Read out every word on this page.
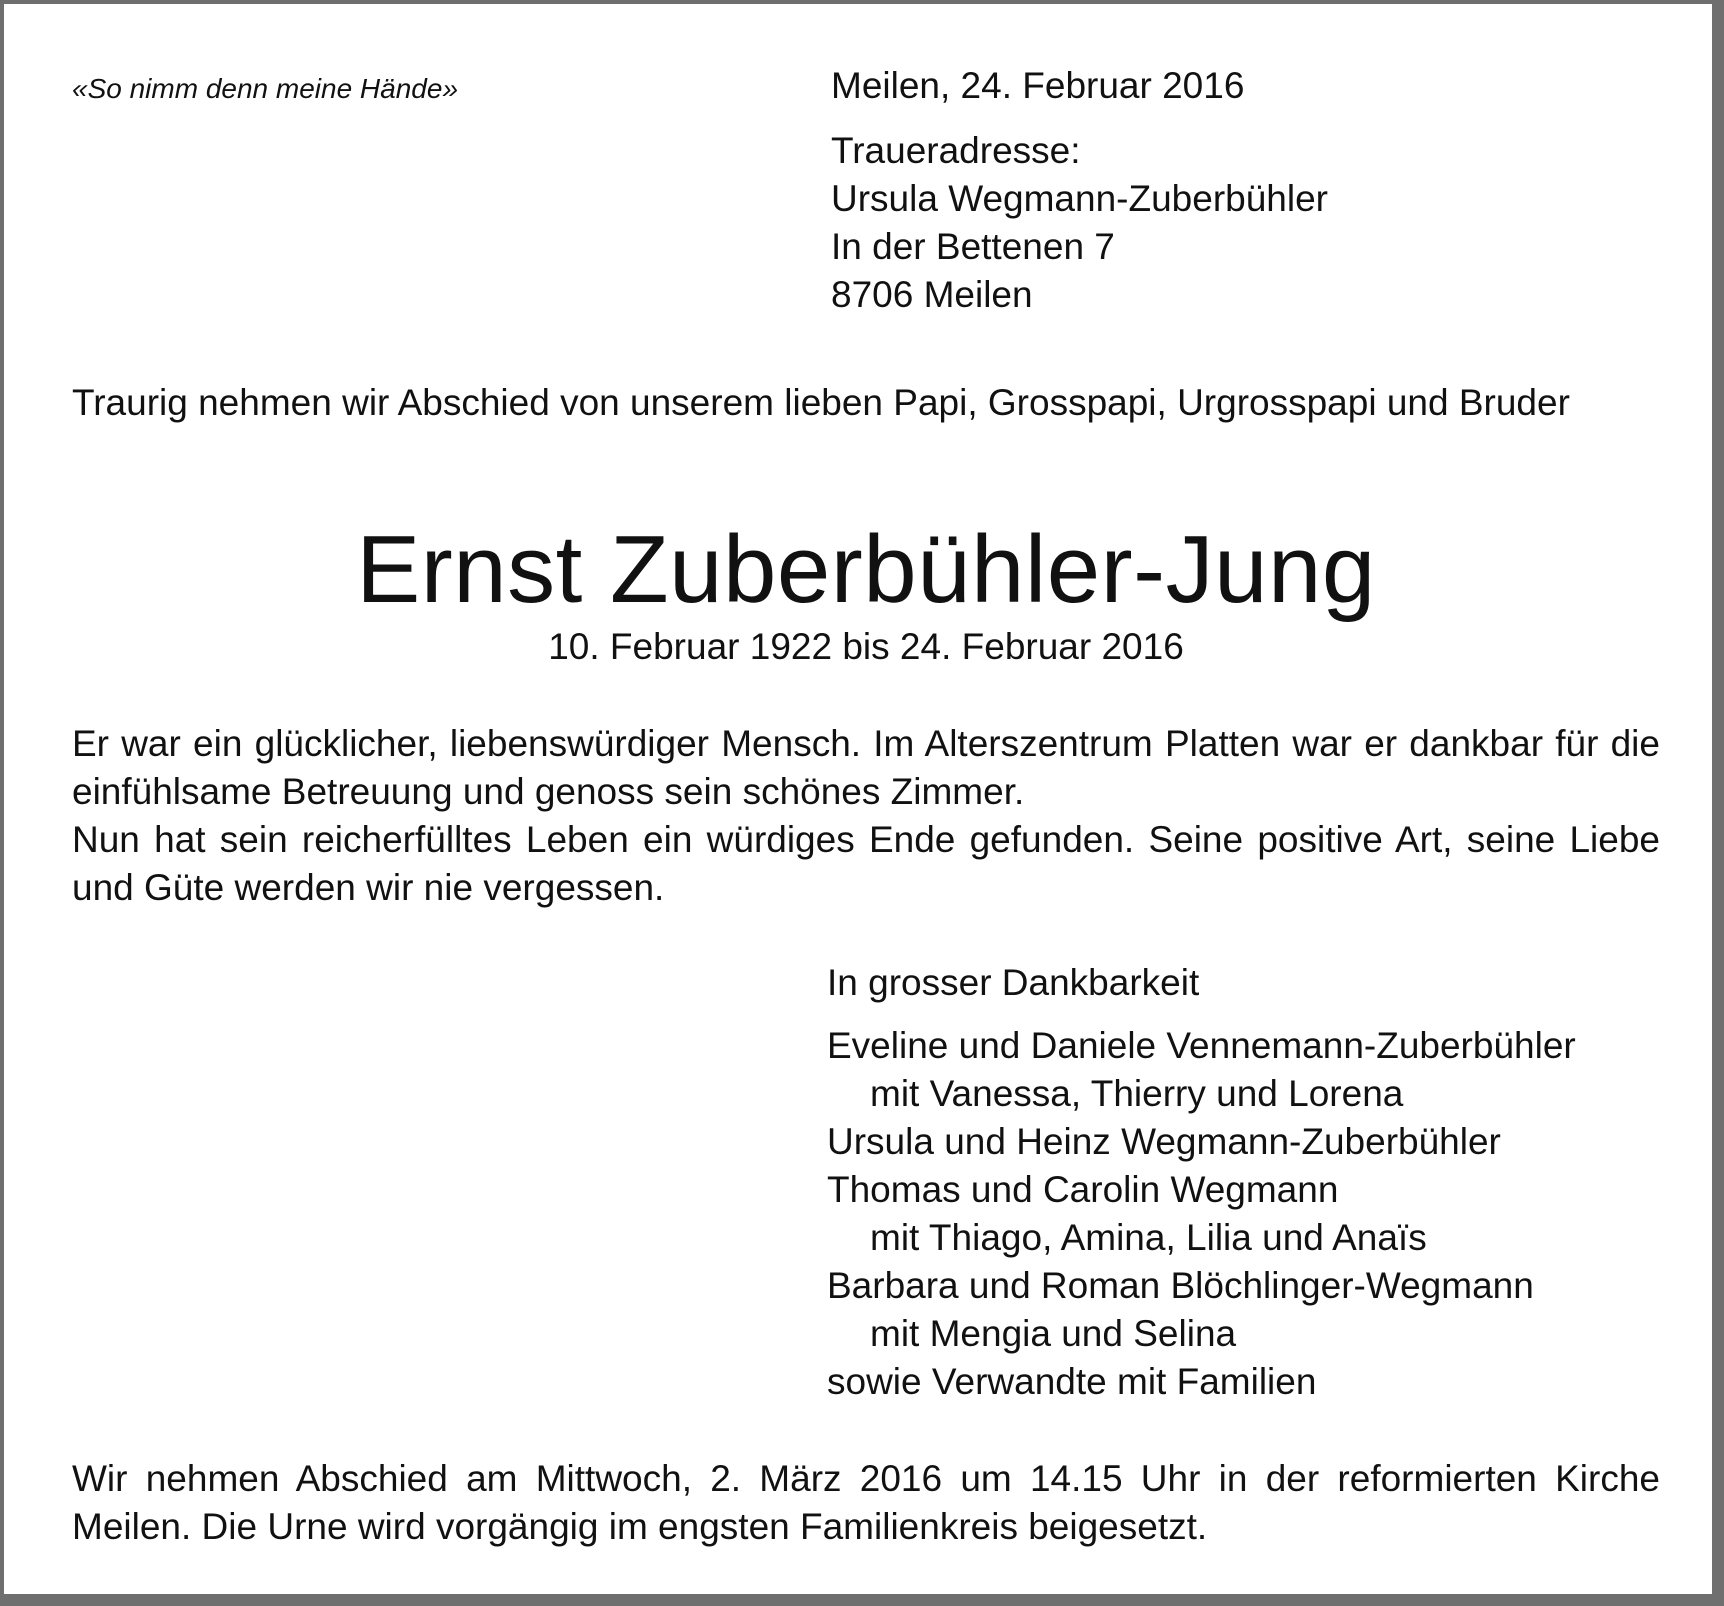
«So nimm denn meine Hände»	Meilen, 24. Februar 2016
Traueradresse:
Ursula Wegmann-Zuberbühler
In der Bettenen 7
8706 Meilen
Traurig nehmen wir Abschied von unserem lieben Papi, Grosspapi, Urgrosspapi und Bruder
Ernst Zuberbühler-Jung
10. Februar 1922 bis 24. Februar 2016

Er war ein glücklicher, liebenswürdiger Mensch. Im Alterszentrum Platten war er dankbar für die einfühlsame Betreuung und genoss sein schönes Zimmer.

Nun hat sein reicherfülltes Leben ein würdiges Ende gefunden. Seine positive Art, seine Liebe und Güte werden wir nie vergessen.

In grosser Dankbarkeit
Eveline und Daniele Vennemann-Zuberbühler
mit Vanessa, Thierry und Lorena
Ursula und Heinz Wegmann-Zuberbühler
Thomas und Carolin Wegmann
mit Thiago, Amina, Lilia und Anaïs
Barbara und Roman Blöchlinger-Wegmann
mit Mengia und Selina
sowie Verwandte mit Familien
Wir nehmen Abschied am Mittwoch, 2. März 2016 um 14.15 Uhr in der reformierten Kirche Meilen. Die Urne wird vorgängig im engsten Familienkreis beigesetzt.
